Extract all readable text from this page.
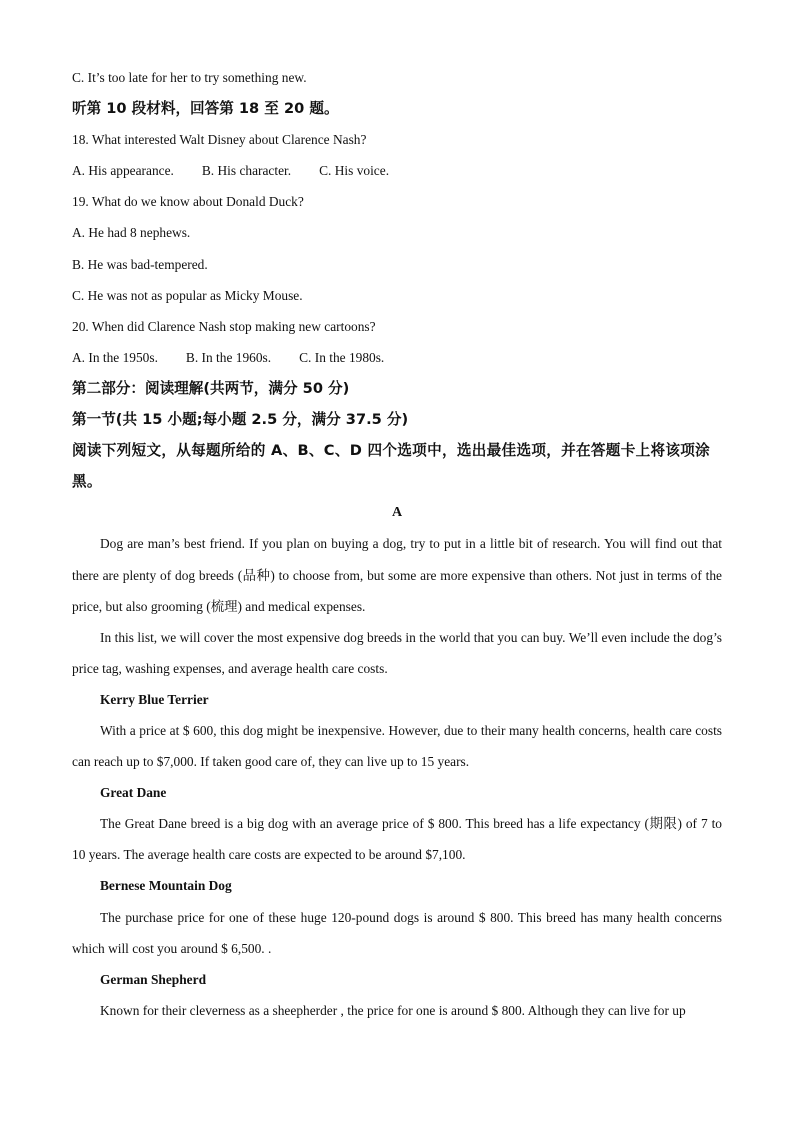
C. It’s too late for her to try something new.
听第 10 段材料，回答第 18 至 20 题。
18. What interested Walt Disney about Clarence Nash?
A. His appearance. B. His character. C. His voice.
19. What do we know about Donald Duck?
A. He had 8 nephews.
B. He was bad-tempered.
C. He was not as popular as Micky Mouse.
20. When did Clarence Nash stop making new cartoons?
A. In the 1950s. B. In the 1960s. C. In the 1980s.
第二部分：阅读理解(共两节，满分 50 分)
第一节(共 15 小题;每小题 2.5 分，满分 37.5 分)
阅读下列短文，从每题所给的 A、B、C、D 四个选项中，选出最佳选项，并在答题卡上将该项涂黑。
A
Dog are man’s best friend. If you plan on buying a dog, try to put in a little bit of research. You will find out that there are plenty of dog breeds (品种) to choose from, but some are more expensive than others. Not just in terms of the price, but also grooming (梳理) and medical expenses.
In this list, we will cover the most expensive dog breeds in the world that you can buy. We’ll even include the dog’s price tag, washing expenses, and average health care costs.
Kerry Blue Terrier
With a price at $ 600, this dog might be inexpensive. However, due to their many health concerns, health care costs can reach up to $7,000. If taken good care of, they can live up to 15 years.
Great Dane
The Great Dane breed is a big dog with an average price of $ 800. This breed has a life expectancy (期限) of 7 to 10 years. The average health care costs are expected to be around $7,100.
Bernese Mountain Dog
The purchase price for one of these huge 120-pound dogs is around $ 800. This breed has many health concerns which will cost you around $ 6,500. .
German Shepherd
Known for their cleverness as a sheepherder , the price for one is around $ 800. Although they can live for up
